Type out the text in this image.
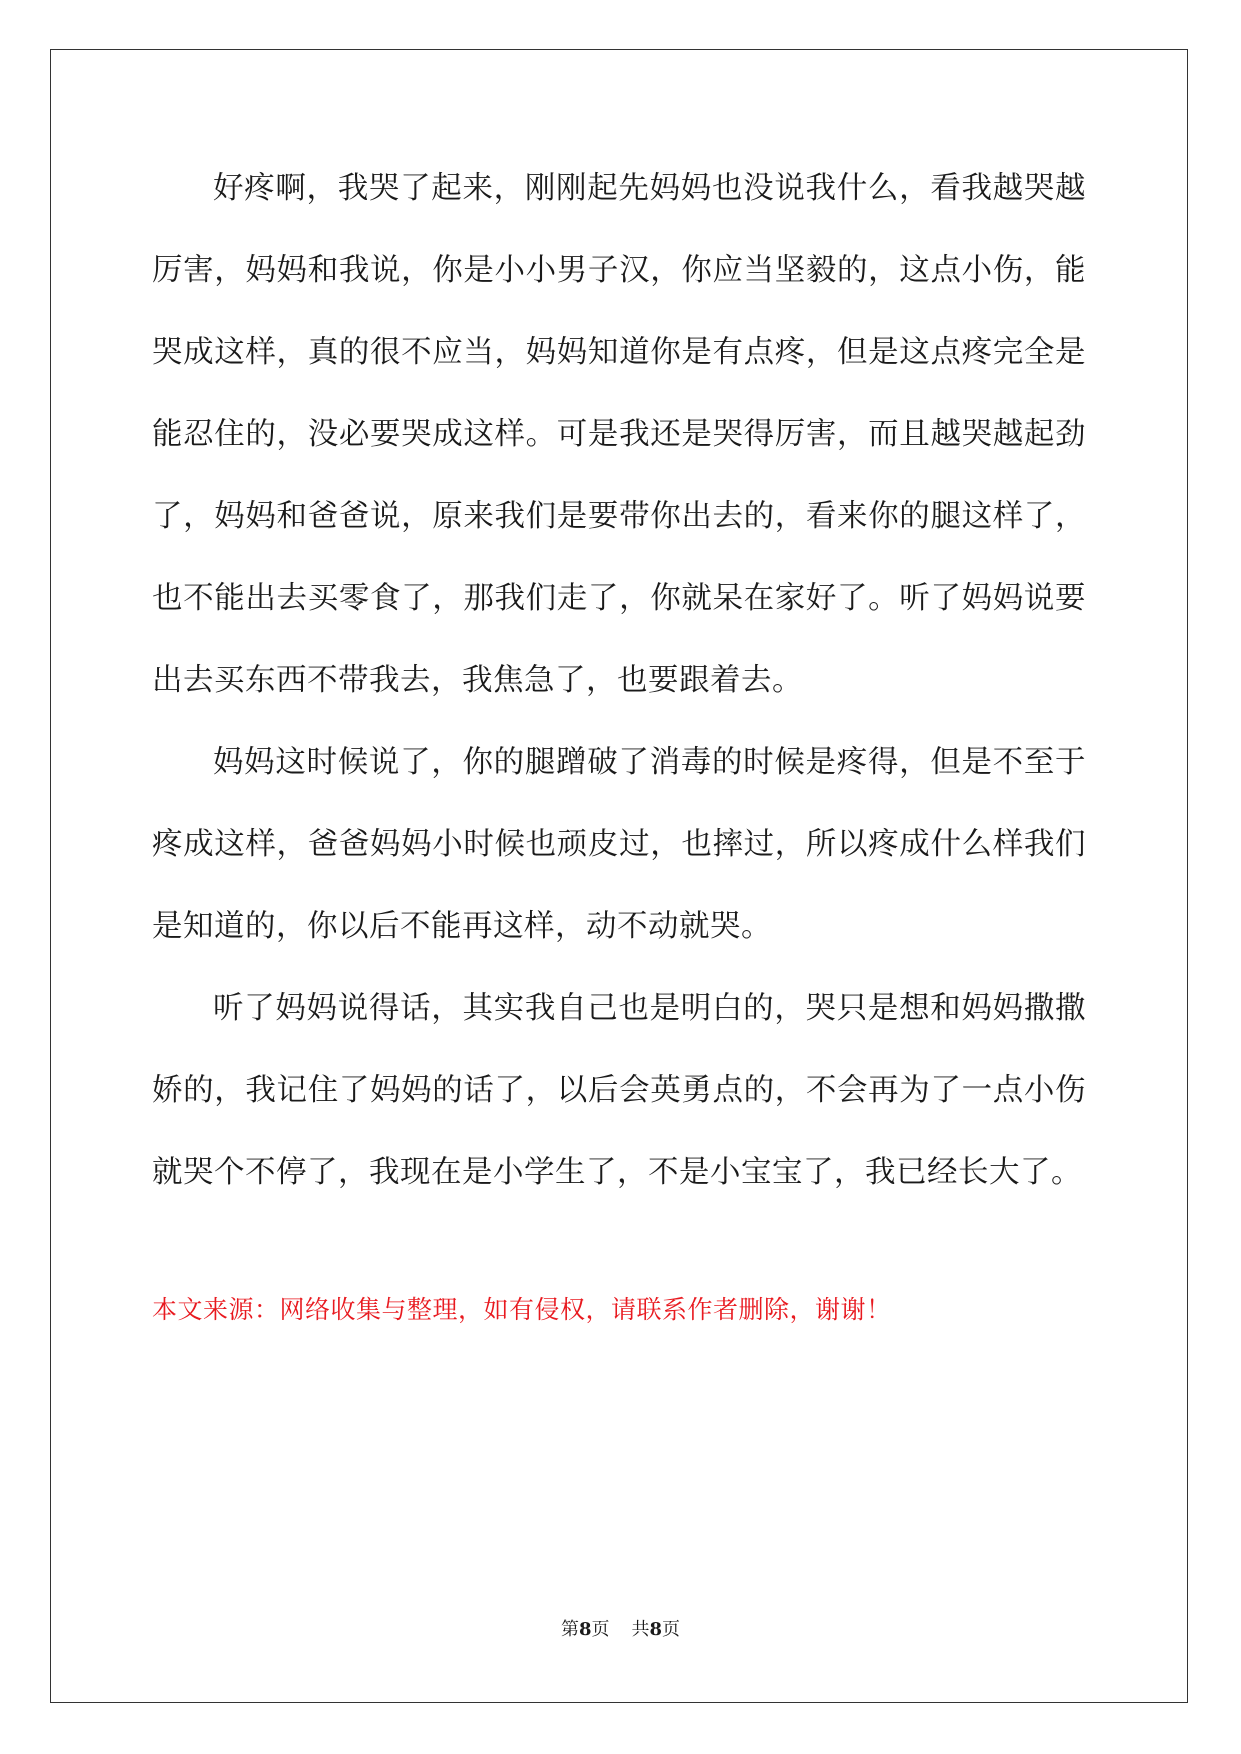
好疼啊，我哭了起来，刚刚起先妈妈也没说我什么，看我越哭越厉害，妈妈和我说，你是小小男子汉，你应当坚毅的，这点小伤，能哭成这样，真的很不应当，妈妈知道你是有点疼，但是这点疼完全是能忍住的，没必要哭成这样。可是我还是哭得厉害，而且越哭越起劲了，妈妈和爸爸说，原来我们是要带你出去的，看来你的腿这样了，也不能出去买零食了，那我们走了，你就呆在家好了。听了妈妈说要出去买东西不带我去，我焦急了，也要跟着去。

妈妈这时候说了，你的腿蹭破了消毒的时候是疼得，但是不至于疼成这样，爸爸妈妈小时候也顽皮过，也摔过，所以疼成什么样我们是知道的，你以后不能再这样，动不动就哭。

听了妈妈说得话，其实我自己也是明白的，哭只是想和妈妈撒撒娇的，我记住了妈妈的话了，以后会英勇点的，不会再为了一点小伤就哭个不停了，我现在是小学生了，不是小宝宝了，我已经长大了。

本文来源：网络收集与整理，如有侵权，请联系作者删除，谢谢！

第8页 共8页
